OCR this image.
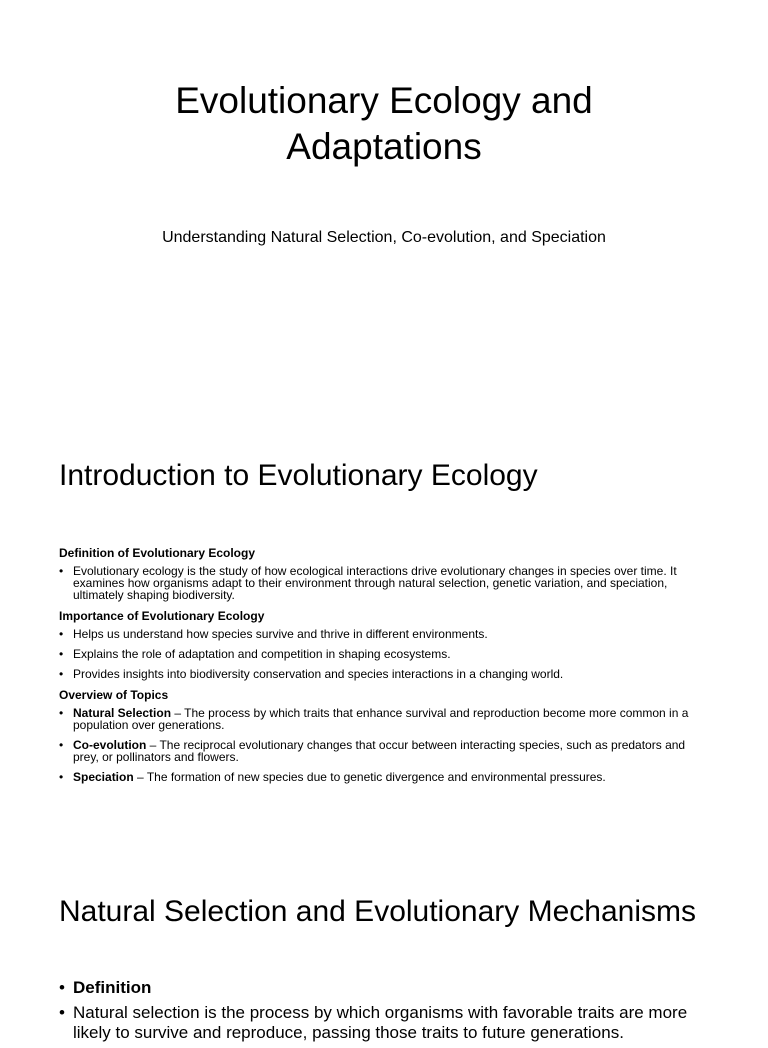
Evolutionary Ecology and
Adaptations
Understanding Natural Selection, Co-evolution, and Speciation
Introduction to Evolutionary Ecology
Definition of Evolutionary Ecology
• Evolutionary ecology is the study of how ecological interactions drive evolutionary changes in species over time. It examines how organisms adapt to their environment through natural selection, genetic variation, and speciation, ultimately shaping biodiversity.
Importance of Evolutionary Ecology
• Helps us understand how species survive and thrive in different environments.
• Explains the role of adaptation and competition in shaping ecosystems.
• Provides insights into biodiversity conservation and species interactions in a changing world.
Overview of Topics
• Natural Selection – The process by which traits that enhance survival and reproduction become more common in a population over generations.
• Co-evolution – The reciprocal evolutionary changes that occur between interacting species, such as predators and prey, or pollinators and flowers.
• Speciation – The formation of new species due to genetic divergence and environmental pressures.
Natural Selection and Evolutionary Mechanisms
• Definition
• Natural selection is the process by which organisms with favorable traits are more likely to survive and reproduce, passing those traits to future generations.
